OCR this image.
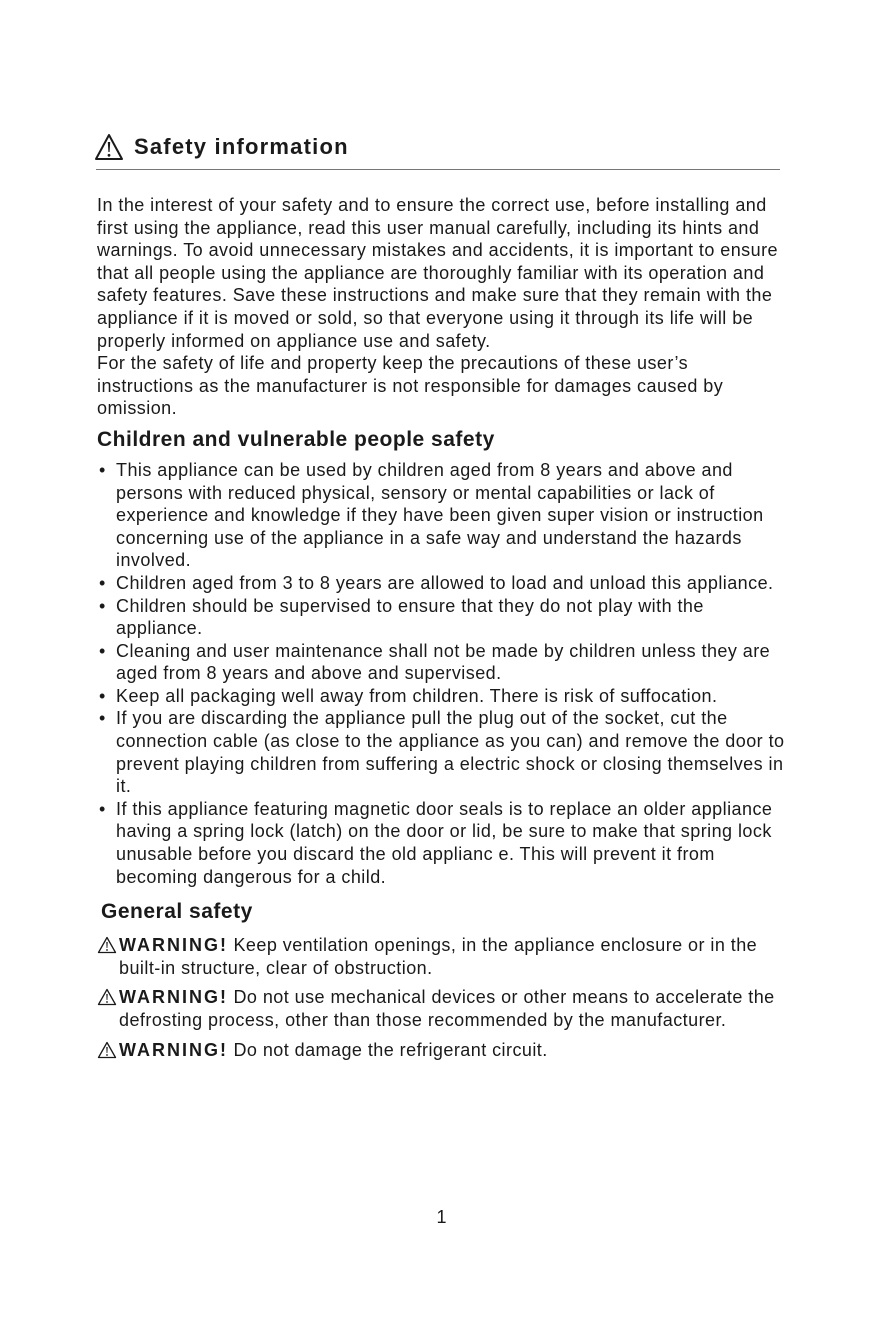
Safety information

In the interest of your safety and to ensure the correct use, before installing and first using the appliance, read this user manual carefully, including its hints and warnings. To avoid unnecessary mistakes and accidents, it is important to ensure that all people using the appliance are thoroughly familiar with its operation and safety features. Save these instructions and make sure that they remain with the appliance if it is moved or sold, so that everyone using it through its life will be properly informed on appliance use and safety.

For the safety of life and property keep the precautions of these user’s instructions as the manufacturer is not responsible for damages caused by omission.

Children and vulnerable people safety
• This appliance can be used by children aged from 8 years and above and persons with reduced physical, sensory or mental capabilities or lack of experience and knowledge if they have been given super vision or instruction concerning use of the appliance in a safe way and understand the hazards involved.
• Children aged from 3 to 8 years are allowed to load and unload this appliance.
• Children should be supervised to ensure that they do not play with the appliance.
• Cleaning and user maintenance shall not be made by children unless they are aged from 8 years and above and supervised.
• Keep all packaging well away from children. There is risk of suffocation.
• If you are discarding the appliance pull the plug out of the socket, cut the connection cable (as close to the appliance as you can) and remove the door to prevent playing children from suffering a electric shock or closing themselves in it.
• If this appliance featuring magnetic door seals is to replace an older appliance having a spring lock (latch) on the door or lid, be sure to make that spring lock unusable before you discard the old applianc e. This will prevent it from becoming dangerous for a child.
General safety
WARNING! Keep ventilation openings, in the appliance enclosure or in the built-in structure, clear of obstruction.
WARNING! Do not use mechanical devices or other means to accelerate the defrosting process, other than those recommended by the manufacturer.
WARNING! Do not damage the refrigerant circuit.
1
